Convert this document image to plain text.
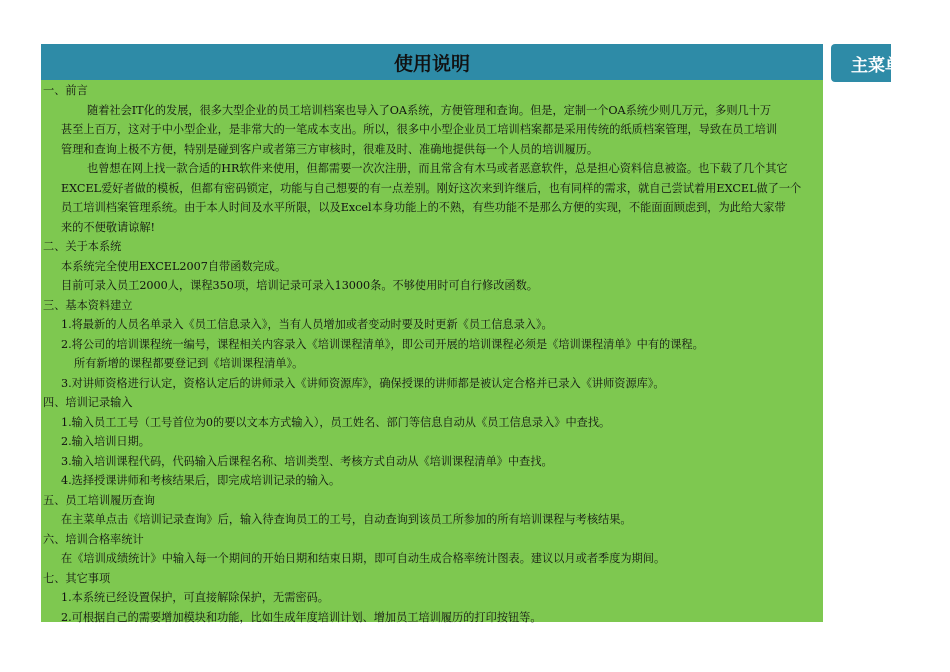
使用说明
一、前言
随着社会IT化的发展，很多大型企业的员工培训档案也导入了OA系统，方便管理和查询。但是，定制一个OA系统少则几万元，多则几十万
甚至上百万，这对于中小型企业，是非常大的一笔成本支出。所以，很多中小型企业员工培训档案都是采用传统的纸质档案管理，导致在员工培训
管理和查询上极不方便，特别是碰到客户或者第三方审核时，很难及时、准确地提供每一个人员的培训履历。
也曾想在网上找一款合适的HR软件来使用，但都需要一次次注册，而且常含有木马或者恶意软件，总是担心资料信息被盗。也下载了几个其它
EXCEL爱好者做的模板，但都有密码锁定，功能与自己想要的有一点差别。刚好这次来到许继后，也有同样的需求，就自己尝试着用EXCEL做了一个
员工培训档案管理系统。由于本人时间及水平所限，以及Excel本身功能上的不熟，有些功能不是那么方便的实现，不能面面顾虑到，为此给大家带
来的不便敬请谅解!
二、关于本系统
本系统完全使用EXCEL2007自带函数完成。
目前可录入员工2000人，课程350项，培训记录可录入13000条。不够使用时可自行修改函数。
三、基本资料建立
1.将最新的人员名单录入《员工信息录入》，当有人员增加或者变动时要及时更新《员工信息录入》。
2.将公司的培训课程统一编号，课程相关内容录入《培训课程清单》，即公司开展的培训课程必须是《培训课程清单》中有的课程。
所有新增的课程都要登记到《培训课程清单》。
3.对讲师资格进行认定，资格认定后的讲师录入《讲师资源库》，确保授课的讲师都是被认定合格并已录入《讲师资源库》。
四、培训记录输入
1.输入员工工号（工号首位为0的要以文本方式输入），员工姓名、部门等信息自动从《员工信息录入》中查找。
2.输入培训日期。
3.输入培训课程代码，代码输入后课程名称、培训类型、考核方式自动从《培训课程清单》中查找。
4.选择授课讲师和考核结果后，即完成培训记录的输入。
五、员工培训履历查询
在主菜单点击《培训记录查询》后，输入待查询员工的工号，自动查询到该员工所参加的所有培训课程与考核结果。
六、培训合格率统计
在《培训成绩统计》中输入每一个期间的开始日期和结束日期，即可自动生成合格率统计图表。建议以月或者季度为期间。
七、其它事项
1.本系统已经设置保护，可直接解除保护，无需密码。
2.可根据自己的需要增加模块和功能，比如生成年度培训计划、增加员工培训履历的打印按钮等。
主菜单
